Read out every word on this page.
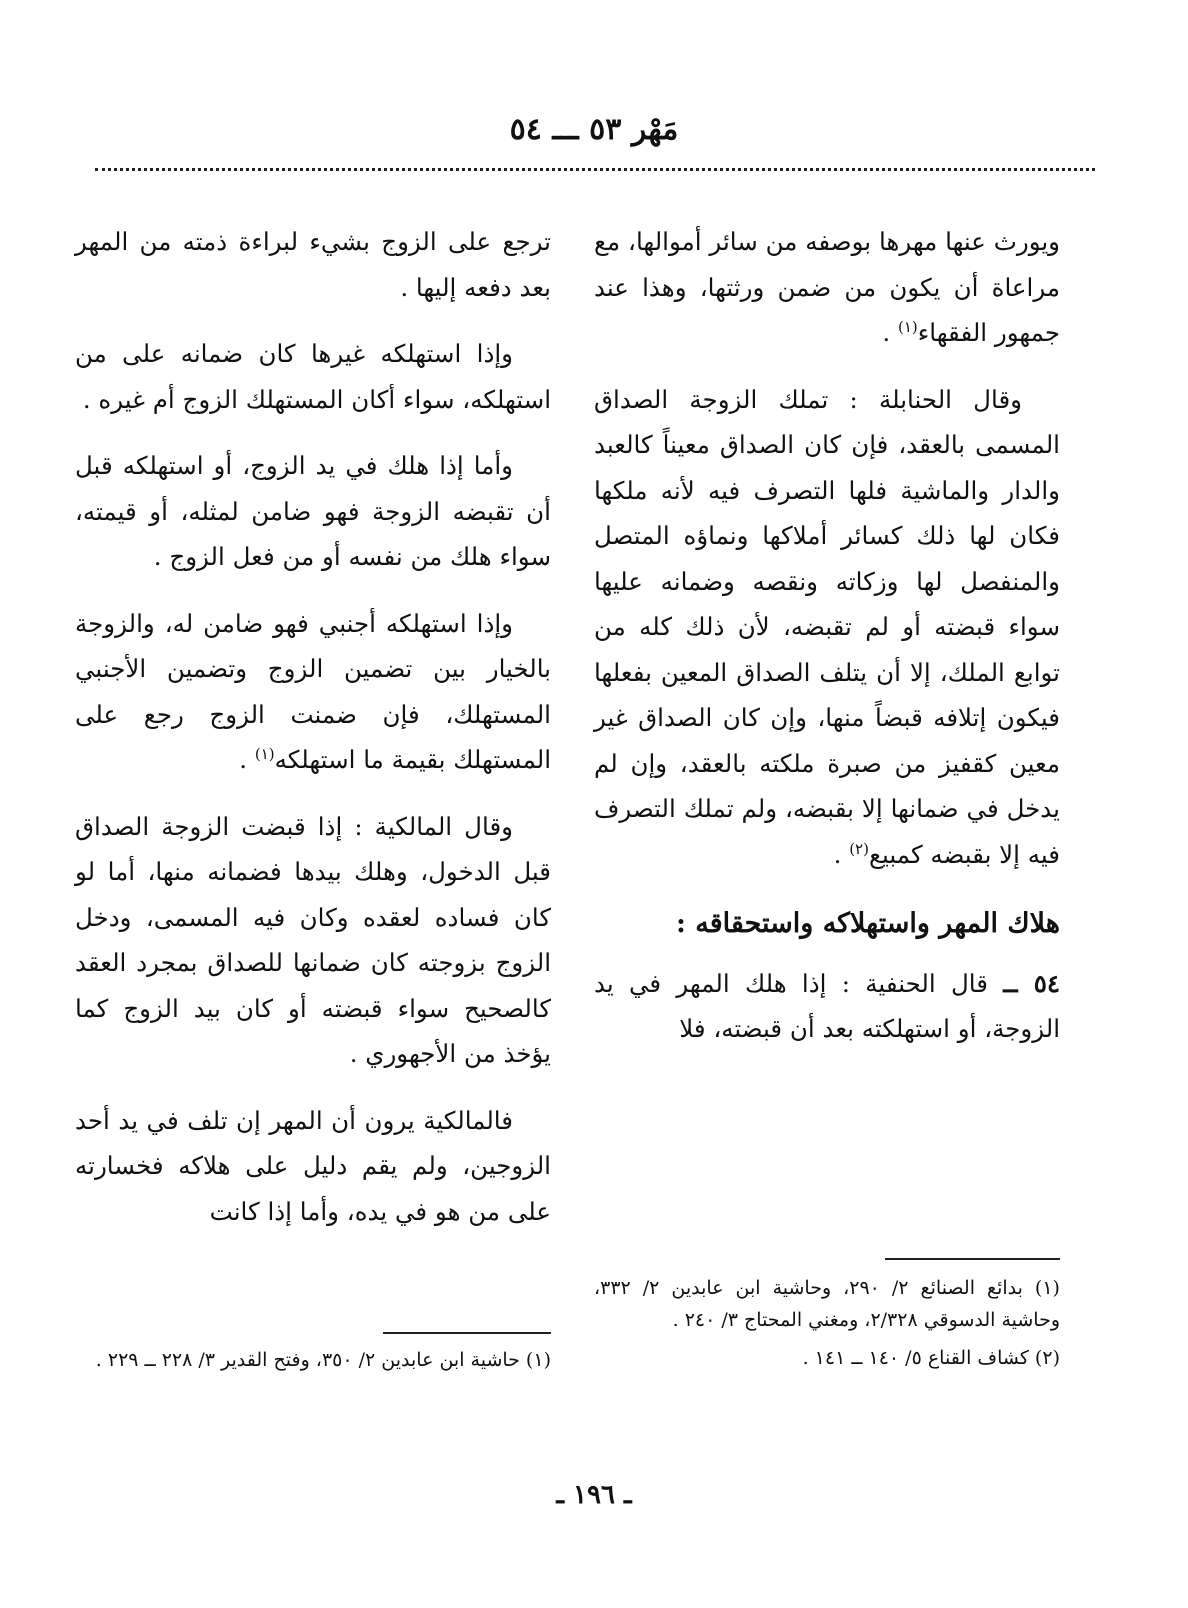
مَهْر ٥٣ ـــ ٥٤

ويورث عنها مهرها بوصفه من سائر أموالها، مع مراعاة أن يكون من ضمن ورثتها، وهذا عند جمهور الفقهاء$^{(١)}$ .

وقال الحنابلة : تملك الزوجة الصداق المسمى بالعقد، فإن كان الصداق معيناً كالعبد والدار والماشية فلها التصرف فيه لأنه ملكها فكان لها ذلك كسائر أملاكها ونماؤه المتصل والمنفصل لها وزكاته ونقصه وضمانه عليها سواء قبضته أو لم تقبضه، لأن ذلك كله من توابع الملك، إلا أن يتلف الصداق المعين بفعلها فيكون إتلافه قبضاً منها، وإن كان الصداق غير معين كقفيز من صبرة ملكته بالعقد، وإن لم يدخل في ضمانها إلا بقبضه، ولم تملك التصرف فيه إلا بقبضه كمبيع$^{(٢)}$ .

هلاك المهر واستهلاكه واستحقاقه :

٥٤ ــ قال الحنفية : إذا هلك المهر في يد الزوجة، أو استهلكته بعد أن قبضته، فلا

ترجع على الزوج بشيء لبراءة ذمته من المهر بعد دفعه إليها .

وإذا استهلكه غيرها كان ضمانه على من استهلكه، سواء أكان المستهلك الزوج أم غيره .

وأما إذا هلك في يد الزوج، أو استهلكه قبل أن تقبضه الزوجة فهو ضامن لمثله، أو قيمته، سواء هلك من نفسه أو من فعل الزوج .

وإذا استهلكه أجنبي فهو ضامن له، والزوجة بالخيار بين تضمين الزوج وتضمين الأجنبي المستهلك، فإن ضمنت الزوج رجع على المستهلك بقيمة ما استهلكه$^{(١)}$ .

وقال المالكية : إذا قبضت الزوجة الصداق قبل الدخول، وهلك بيدها فضمانه منها، أما لو كان فساده لعقده وكان فيه المسمى، ودخل الزوج بزوجته كان ضمانها للصداق بمجرد العقد كالصحيح سواء قبضته أو كان بيد الزوج كما يؤخذ من الأجهوري .

فالمالكية يرون أن المهر إن تلف في يد أحد الزوجين، ولم يقم دليل على هلاكه فخسارته على من هو في يده، وأما إذا كانت

(١) بدائع الصنائع ٢/ ٢٩٠، وحاشية ابن عابدين ٢/ ٣٣٢، وحاشية الدسوقي ٢/٣٢٨، ومغني المحتاج ٣/ ٢٤٠ .

(٢) كشاف القناع ٥/ ١٤٠ ــ ١٤١ .

(١) حاشية ابن عابدين ٢/ ٣٥٠، وفتح القدير ٣/ ٢٢٨ ــ ٢٢٩ .

ـ ١٩٦ ـ
